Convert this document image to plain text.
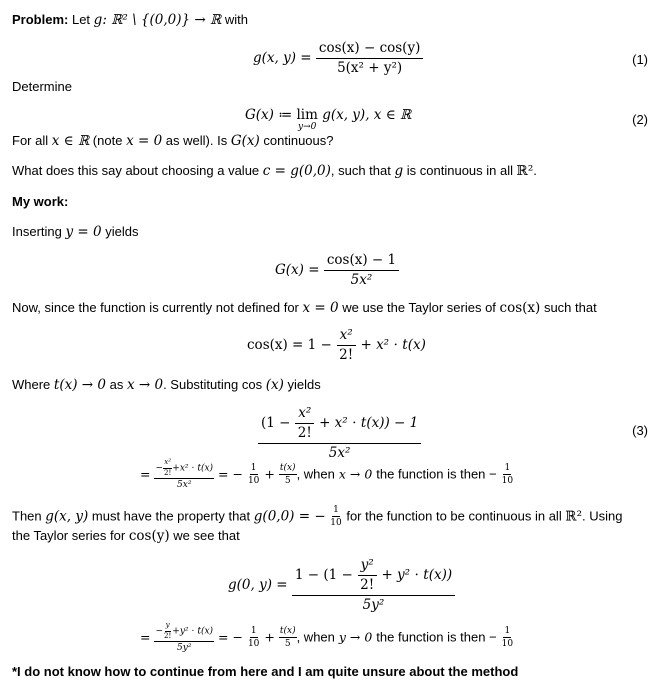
Problem: Let g: ℝ² \ {(0,0)} → ℝ with
g(x, $y) = \frac{\cos(x) - \cos(y)}{\text{5(x² + y²)}}$	(1)
Determine
G(x) ≔ lim
y→0
g(x, y), x ∈ ℝ	(2)
For all x ∈ ℝ (note x = 0 as well). Is G(x) continuous?
What does this say about choosing a value c = g(0,0), such that g is continuous in all ℝ².
My work:
Inserting y = 0 yields
$G(x) = \frac{\cos(x) - 1}{\text{5x²}}$
Now, since the function is currently not defined for x = 0 we use the Taylor series of cos(x) such that
$\cos(x) = 1 - \frac{\text{x²}}{2!} + x^2 \cdot t(x)$
Where t(x) → 0 as x → 0. Substituting cos (x) yields
$(1 - \frac{\text{x²}}{2!} + x^2 \cdot t(x)) - 1$
5x²
(3)
= $\frac{- \frac{\text{x²}}{2!} +x^2 \cdot t(x)}{\text{5x²}}$ = − $\frac{1}{10} + \frac{t(x)}{5}$ , when x → 0 the function is then − $\frac{1}{10}$
Then g(x, y) must have the property that g(0,0) = − $\frac{1}{10}$ for the function to be continuous in all ℝ². Using
the Taylor series for cos(y) we see that
g(0, y) =
$1 - (1 - \frac{\text{y²}}{2!} + y^2 \cdot t(x))$
5y²
= $\frac{- \frac{y}{2!} +y^2 \cdot t(x)}{\text{5y²}}$ = − $\frac{1}{10} + \frac{t(x)}{5}$ , when y → 0 the function is then − $\frac{1}{10}$
*I do not know how to continue from here and I am quite unsure about the method
